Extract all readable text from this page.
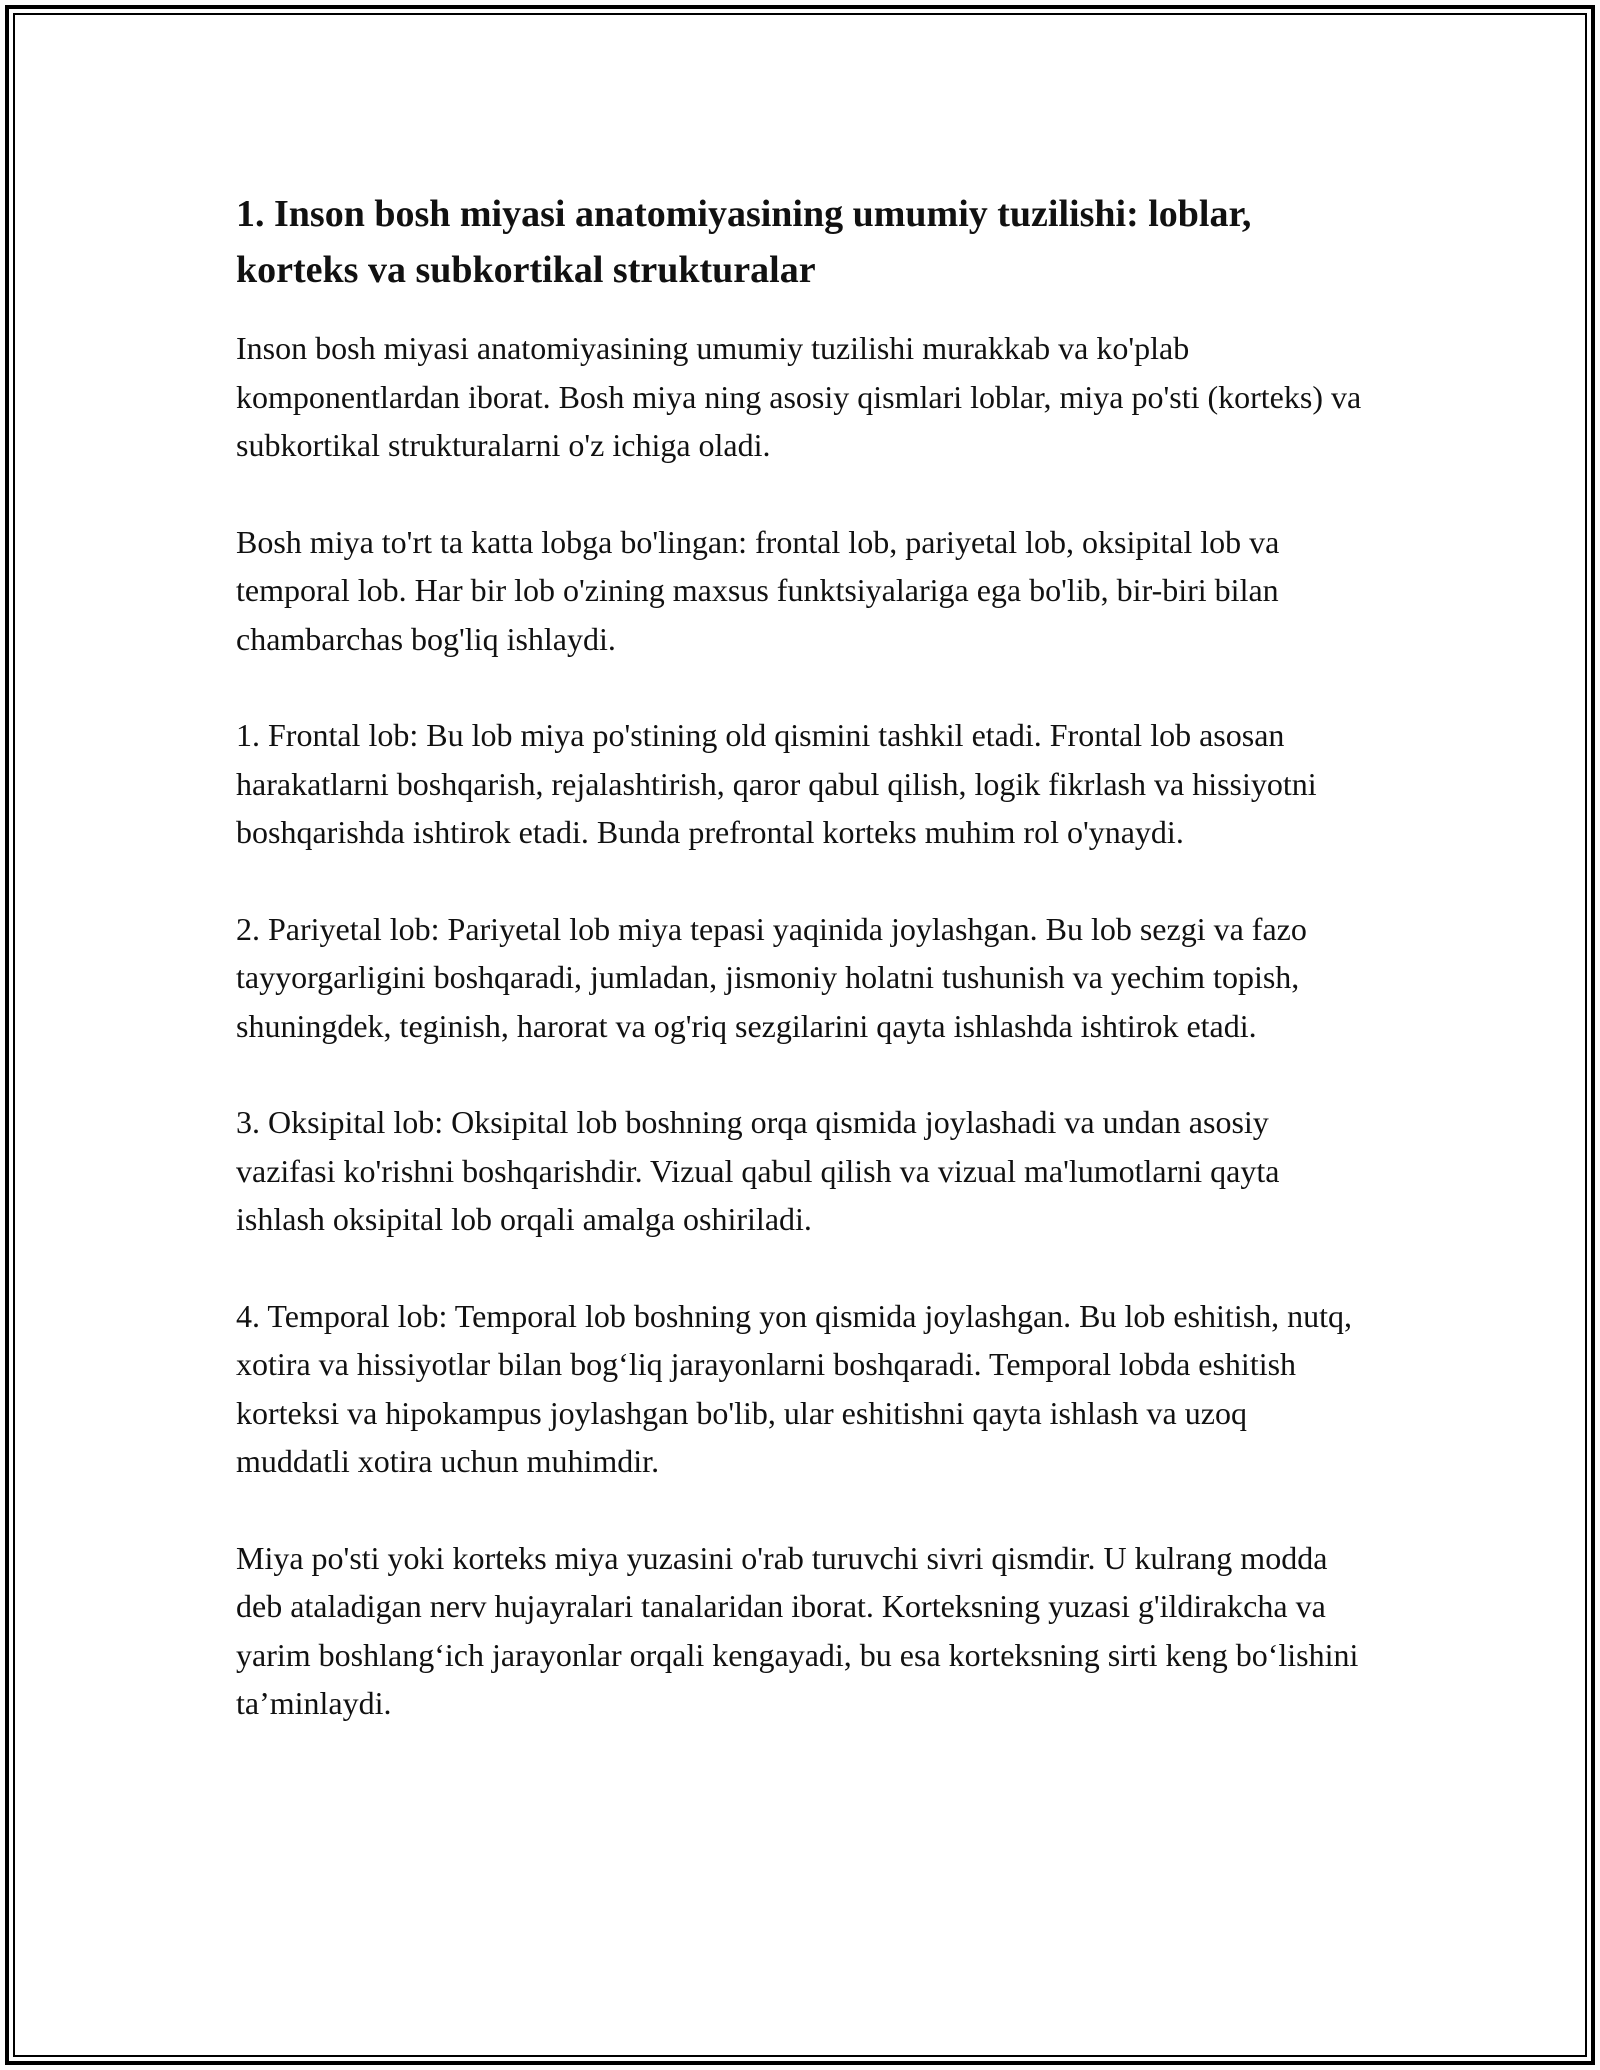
1. Inson bosh miyasi anatomiyasining umumiy tuzilishi: loblar, korteks va subkortikal strukturalar

Inson bosh miyasi anatomiyasining umumiy tuzilishi murakkab va ko'plab komponentlardan iborat. Bosh miya ning asosiy qismlari loblar, miya po'sti (korteks) va subkortikal strukturalarni o'z ichiga oladi.

Bosh miya to'rt ta katta lobga bo'lingan: frontal lob, pariyetal lob, oksipital lob va temporal lob. Har bir lob o'zining maxsus funktsiyalariga ega bo'lib, bir-biri bilan chambarchas bog'liq ishlaydi.

1. Frontal lob: Bu lob miya po'stining old qismini tashkil etadi. Frontal lob asosan harakatlarni boshqarish, rejalashtirish, qaror qabul qilish, logik fikrlash va hissiyotni boshqarishda ishtirok etadi. Bunda prefrontal korteks muhim rol o'ynaydi.

2. Pariyetal lob: Pariyetal lob miya tepasi yaqinida joylashgan. Bu lob sezgi va fazo tayyorgarligini boshqaradi, jumladan, jismoniy holatni tushunish va yechim topish, shuningdek, teginish, harorat va og'riq sezgilarini qayta ishlashda ishtirok etadi.

3. Oksipital lob: Oksipital lob boshning orqa qismida joylashadi va undan asosiy vazifasi ko'rishni boshqarishdir. Vizual qabul qilish va vizual ma'lumotlarni qayta ishlash oksipital lob orqali amalga oshiriladi.

4. Temporal lob: Temporal lob boshning yon qismida joylashgan. Bu lob eshitish, nutq, xotira va hissiyotlar bilan bog‘liq jarayonlarni boshqaradi. Temporal lobda eshitish korteksi va hipokampus joylashgan bo'lib, ular eshitishni qayta ishlash va uzoq muddatli xotira uchun muhimdir.

Miya po'sti yoki korteks miya yuzasini o'rab turuvchi sivri qismdir. U kulrang modda deb ataladigan nerv hujayralari tanalaridan iborat. Korteksning yuzasi g'ildirakcha va yarim boshlang‘ich jarayonlar orqali kengayadi, bu esa korteksning sirti keng bo‘lishini ta’minlaydi.
